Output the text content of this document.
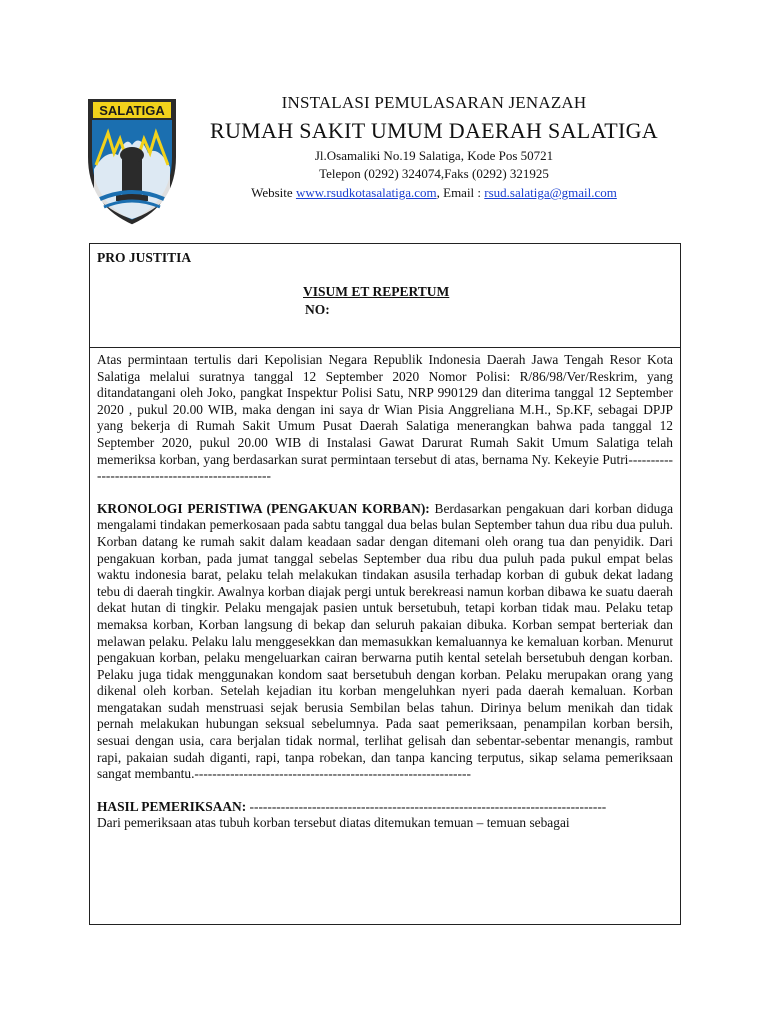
SALATIGA	INSTALASI PEMULASARAN JENAZAH
RUMAH SAKIT UMUM DAERAH SALATIGA
Jl.Osamaliki No.19 Salatiga, Kode Pos 50721
Telepon (0292) 324074,Faks (0292) 321925
Website www.rsudkotasalatiga.com, Email : rsud.salatiga@gmail.com
PRO JUSTITIA
VISUM ET REPERTUM
NO:

Atas permintaan tertulis dari Kepolisian Negara Republik Indonesia Daerah Jawa Tengah Resor Kota Salatiga melalui suratnya tanggal 12 September 2020 Nomor Polisi: R/86/98/Ver/Reskrim, yang ditandatangani oleh Joko, pangkat Inspektur Polisi Satu, NRP 990129 dan diterima tanggal 12 September 2020 , pukul 20.00 WIB, maka dengan ini saya dr Wian Pisia Anggreliana M.H., Sp.KF, sebagai DPJP yang bekerja di Rumah Sakit Umum Pusat Daerah Salatiga menerangkan bahwa pada tanggal 12 September 2020, pukul 20.00 WIB di Instalasi Gawat Darurat Rumah Sakit Umum Salatiga telah memeriksa korban, yang berdasarkan surat permintaan tersebut di atas, bernama Ny. Kekeyie Putri-------------------------------------------------

KRONOLOGI PERISTIWA (PENGAKUAN KORBAN): Berdasarkan pengakuan dari korban diduga mengalami tindakan pemerkosaan pada sabtu tanggal dua belas bulan September tahun dua ribu dua puluh. Korban datang ke rumah sakit dalam keadaan sadar dengan ditemani oleh orang tua dan penyidik. Dari pengakuan korban, pada jumat tanggal sebelas September dua ribu dua puluh pada pukul empat belas waktu indonesia barat, pelaku telah melakukan tindakan asusila terhadap korban di gubuk dekat ladang tebu di daerah tingkir. Awalnya korban diajak pergi untuk berekreasi namun korban dibawa ke suatu daerah dekat hutan di tingkir. Pelaku mengajak pasien untuk bersetubuh, tetapi korban tidak mau. Pelaku tetap memaksa korban, Korban langsung di bekap dan seluruh pakaian dibuka. Korban sempat berteriak dan melawan pelaku. Pelaku lalu menggesekkan dan memasukkan kemaluannya ke kemaluan korban. Menurut pengakuan korban, pelaku mengeluarkan cairan berwarna putih kental setelah bersetubuh dengan korban. Pelaku juga tidak menggunakan kondom saat bersetubuh dengan korban. Pelaku merupakan orang yang dikenal oleh korban. Setelah kejadian itu korban mengeluhkan nyeri pada daerah kemaluan. Korban mengatakan sudah menstruasi sejak berusia Sembilan belas tahun. Dirinya belum menikah dan tidak pernah melakukan hubungan seksual sebelumnya. Pada saat pemeriksaan, penampilan korban bersih, sesuai dengan usia, cara berjalan tidak normal, terlihat gelisah dan sebentar-sebentar menangis, rambut rapi, pakaian sudah diganti, rapi, tanpa robekan, dan tanpa kancing terputus, sikap selama pemeriksaan sangat membantu.--------------------------------------------------------------

HASIL PEMERIKSAAN: --------------------------------------------------------------------------------

Dari pemeriksaan atas tubuh korban tersebut diatas ditemukan temuan – temuan sebagai
